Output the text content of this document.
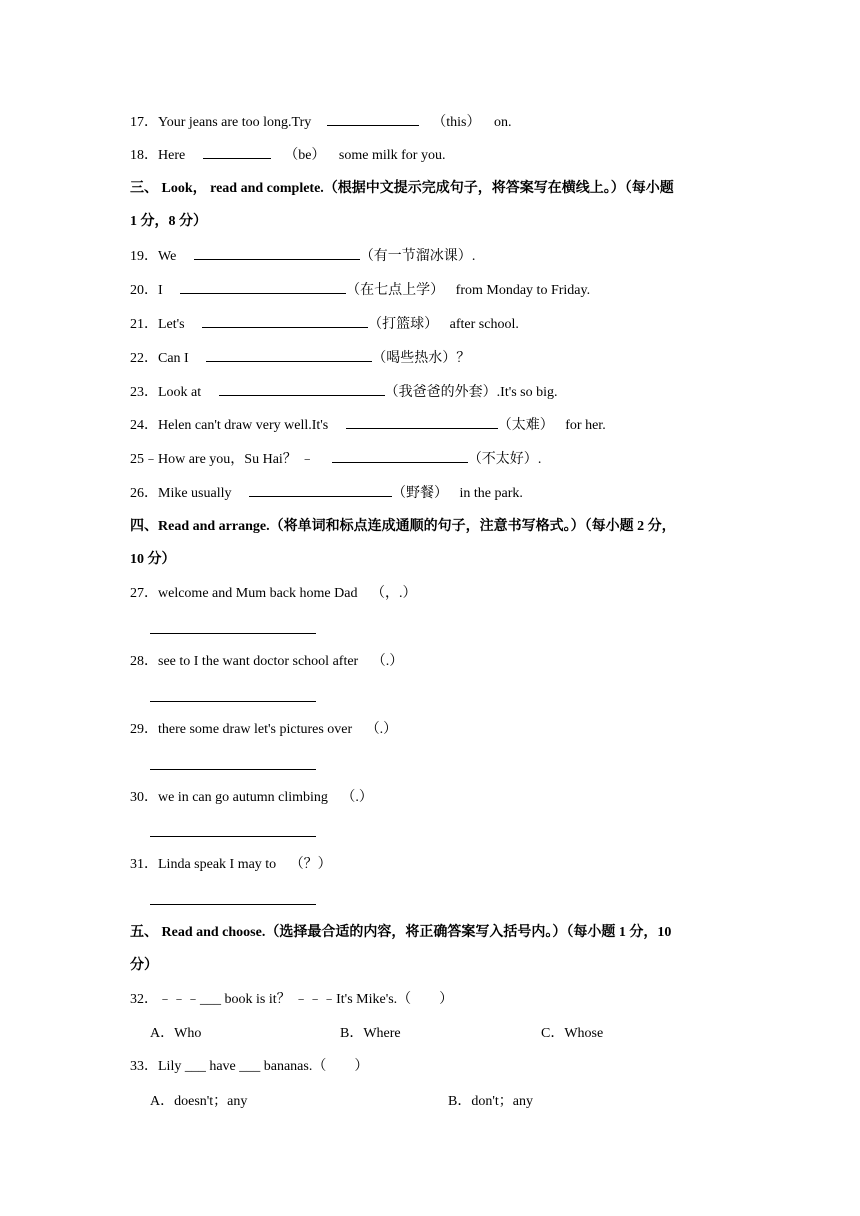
17．Your jeans are too long.Try	（this） on.
18．Here	（be） some milk for you.
三、 Look， read and complete.（根据中文提示完成句子，将答案写在横线上。）（每小题
1 分，8 分）
19．We	（有一节溜冰课）.
20．I	（在七点上学） from Monday to Friday.
21．Let's	（打篮球） after school.
22．Can I	（喝些热水）？
23．Look at	（我爸爸的外套）.It's so big.
24．Helen can't draw very well.It's	（太难） for her.
25﹣How are you，Su Hai？ ﹣	（不太好）.
26．Mike usually	（野餐） in the park.
四、Read and arrange.（将单词和标点连成通顺的句子，注意书写格式。）（每小题 2 分，
10 分）
27．welcome and Mum back home Dad （，.）
28．see to I the want doctor school after （.）
29．there some draw let's pictures over （.）
30．we in can go autumn climbing （.）
31．Linda speak I may to （？）
五、 Read and choose.（选择最合适的内容，将正确答案写入括号内。）（每小题 1 分，10
分）
32．﹣﹣﹣___ book is it？ ﹣﹣﹣It's Mike's.（　　）
A．Who	B．Where	C．Whose
33．Lily ___ have ___ bananas.（　　）
A．doesn't；any	B．don't；any
